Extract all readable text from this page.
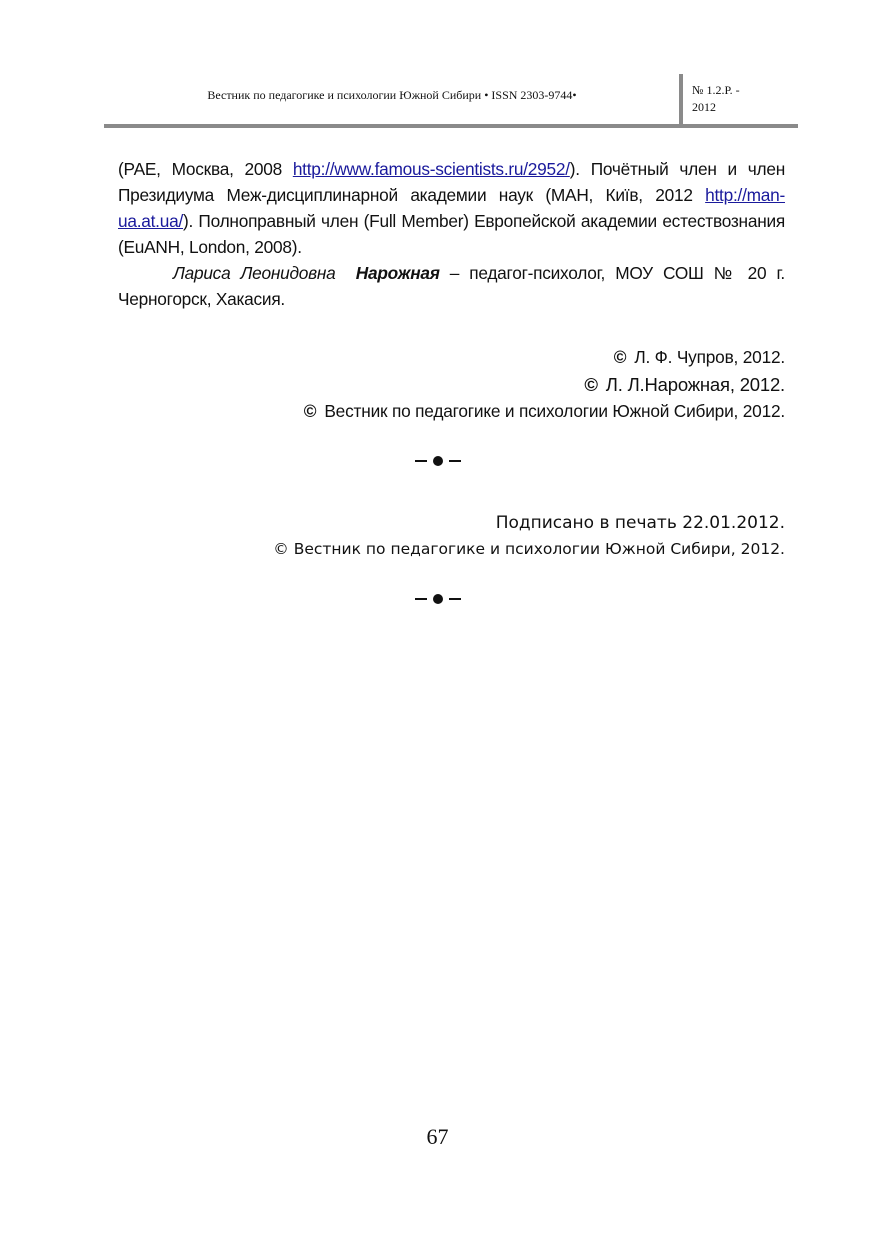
Вестник по педагогике и психологии Южной Сибири • ISSN 2303-9744•	№ 1.2.Р. -
2012

(РАЕ, Москва, 2008 http://www.famous-scientists.ru/2952/). Почётный член и член Президиума Меж-дисциплинарной академии наук (МАН, Київ, 2012 http://man-ua.at.ua/). Полноправный член (Full Member) Европейской академии естествознания (EuANH, London, 2008).

Лариса Леонидовна Нарожная – педагог-психолог, МОУ СОШ № 20 г. Черногорск, Хакасия.

© Л. Ф. Чупров, 2012.
© Л. Л.Нарожная, 2012.
© Вестник по педагогике и психологии Южной Сибири, 2012.
Подписано в печать 22.01.2012.
© Вестник по педагогике и психологии Южной Сибири, 2012.
67
